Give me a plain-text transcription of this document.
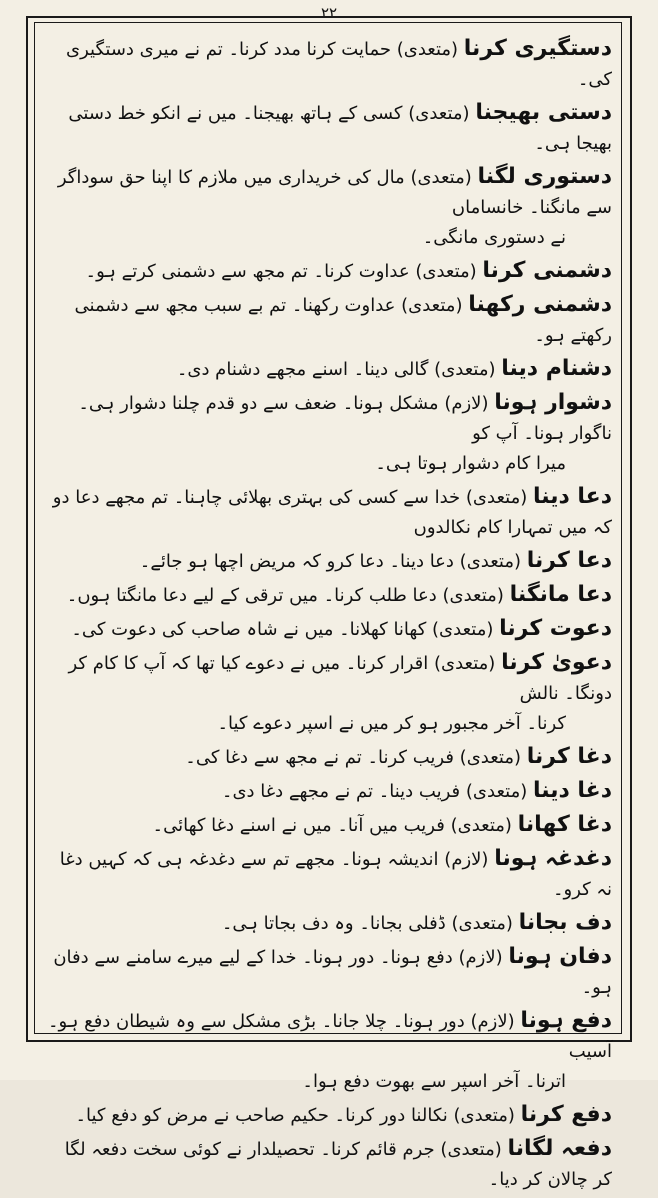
۲۲
دستگیری کرنا (متعدی) حمایت کرنا مدد کرنا۔ تم نے میری دستگیری کی۔
دستی بھیجنا (متعدی) کسی کے ہاتھ بھیجنا۔ میں نے انکو خط دستی بھیجا ہی۔
دستوری لگنا (متعدی) مال کی خریداری میں ملازم کا اپنا حق سوداگر سے مانگنا۔ خانساماں
نے دستوری مانگی۔
دشمنی کرنا (متعدی) عداوت کرنا۔ تم مجھ سے دشمنی کرتے ہو۔
دشمنی رکھنا (متعدی) عداوت رکھنا۔ تم بے سبب مجھ سے دشمنی رکھتے ہو۔
دشنام دینا (متعدی) گالی دینا۔ اسنے مجھے دشنام دی۔
دشوار ہونا (لازم) مشکل ہونا۔ ضعف سے دو قدم چلنا دشوار ہی۔ ناگوار ہونا۔ آپ کو
میرا کام دشوار ہوتا ہی۔
دعا دینا (متعدی) خدا سے کسی کی بہتری بھلائی چاہنا۔ تم مجھے دعا دو کہ میں تمہارا کام نکالدوں
دعا کرنا (متعدی) دعا دینا۔ دعا کرو کہ مریض اچھا ہو جائے۔
دعا مانگنا (متعدی) دعا طلب کرنا۔ میں ترقی کے لیے دعا مانگتا ہوں۔
دعوت کرنا (متعدی) کھانا کھلانا۔ میں نے شاہ صاحب کی دعوت کی۔
دعویٰ کرنا (متعدی) اقرار کرنا۔ میں نے دعوے کیا تھا کہ آپ کا کام کر دونگا۔ نالش
کرنا۔ آخر مجبور ہو کر میں نے اسپر دعوے کیا۔
دغا کرنا (متعدی) فریب کرنا۔ تم نے مجھ سے دغا کی۔
دغا دینا (متعدی) فریب دینا۔ تم نے مجھے دغا دی۔
دغا کھانا (متعدی) فریب میں آنا۔ میں نے اسنے دغا کھائی۔
دغدغہ ہونا (لازم) اندیشہ ہونا۔ مجھے تم سے دغدغہ ہی کہ کہیں دغا نہ کرو۔
دف بجانا (متعدی) ڈفلی بجانا۔ وہ دف بجاتا ہی۔
دفان ہونا (لازم) دفع ہونا۔ دور ہونا۔ خدا کے لیے میرے سامنے سے دفان ہو۔
دفع ہونا (لازم) دور ہونا۔ چلا جانا۔ بڑی مشکل سے وہ شیطان دفع ہو۔ آسیب
اترنا۔ آخر اسپر سے بھوت دفع ہوا۔
دفع کرنا (متعدی) نکالنا دور کرنا۔ حکیم صاحب نے مرض کو دفع کیا۔
دفعہ لگانا (متعدی) جرم قائم کرنا۔ تحصیلدار نے کوئی سخت دفعہ لگا کر چالان کر دیا۔
